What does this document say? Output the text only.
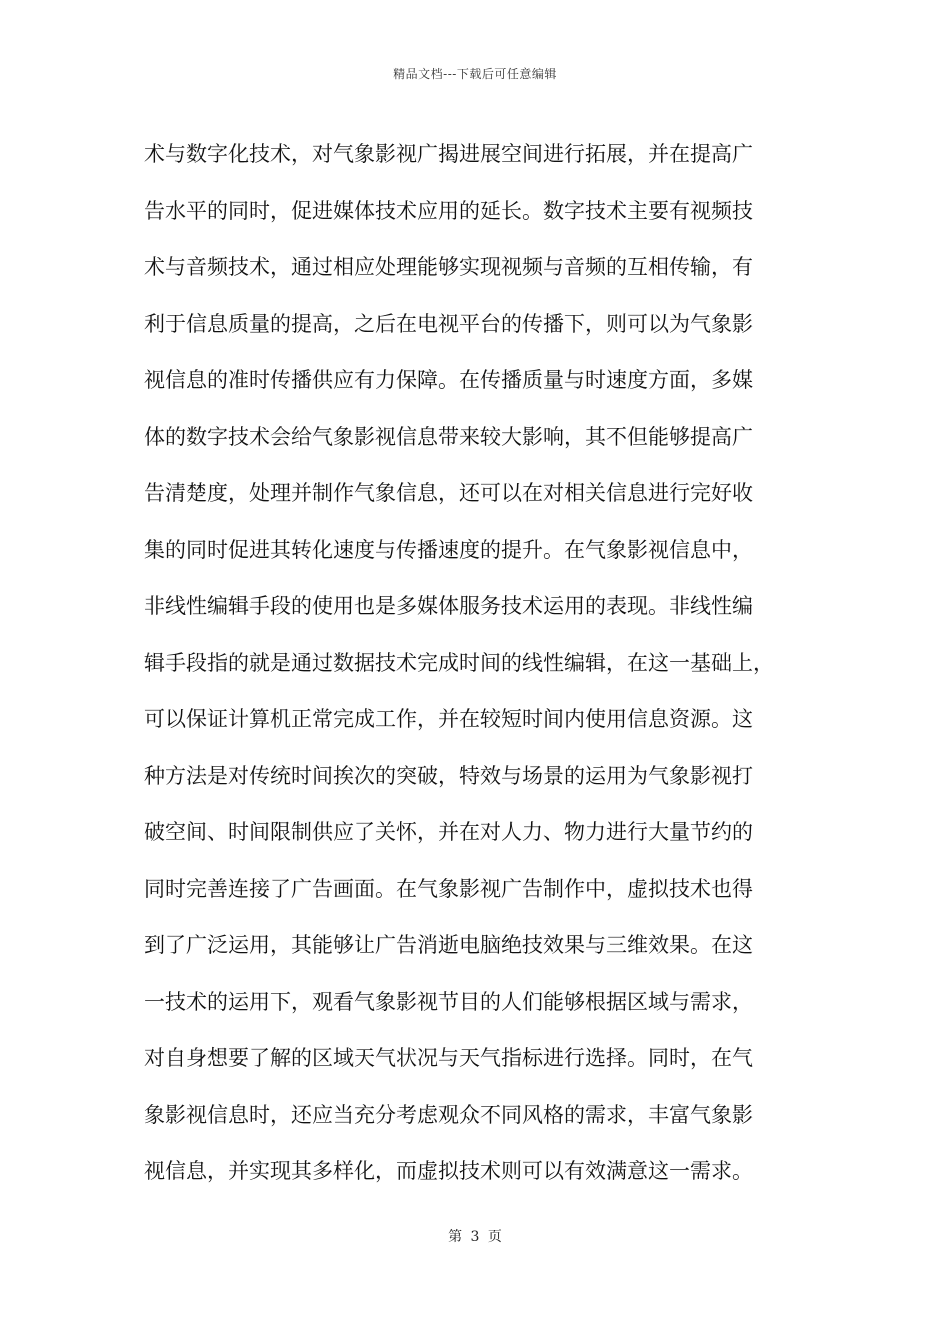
精品文档---下载后可任意编辑
术与数字化技术，对气象影视广揭进展空间进行拓展，并在提高广
告水平的同时，促进媒体技术应用的延长。数字技术主要有视频技
术与音频技术，通过相应处理能够实现视频与音频的互相传输，有
利于信息质量的提高，之后在电视平台的传播下，则可以为气象影
视信息的准时传播供应有力保障。在传播质量与时速度方面，多媒
体的数字技术会给气象影视信息带来较大影响，其不但能够提高广
告清楚度，处理并制作气象信息，还可以在对相关信息进行完好收
集的同时促进其转化速度与传播速度的提升。在气象影视信息中，
非线性编辑手段的使用也是多媒体服务技术运用的表现。非线性编
辑手段指的就是通过数据技术完成时间的线性编辑，在这一基础上，
可以保证计算机正常完成工作，并在较短时间内使用信息资源。这
种方法是对传统时间挨次的突破，特效与场景的运用为气象影视打
破空间、时间限制供应了关怀，并在对人力、物力进行大量节约的
同时完善连接了广告画面。在气象影视广告制作中，虚拟技术也得
到了广泛运用，其能够让广告消逝电脑绝技效果与三维效果。在这
一技术的运用下，观看气象影视节目的人们能够根据区域与需求，
对自身想要了解的区域天气状况与天气指标进行选择。同时，在气
象影视信息时，还应当充分考虑观众不同风格的需求，丰富气象影
视信息，并实现其多样化，而虚拟技术则可以有效满意这一需求。
第 3 页
